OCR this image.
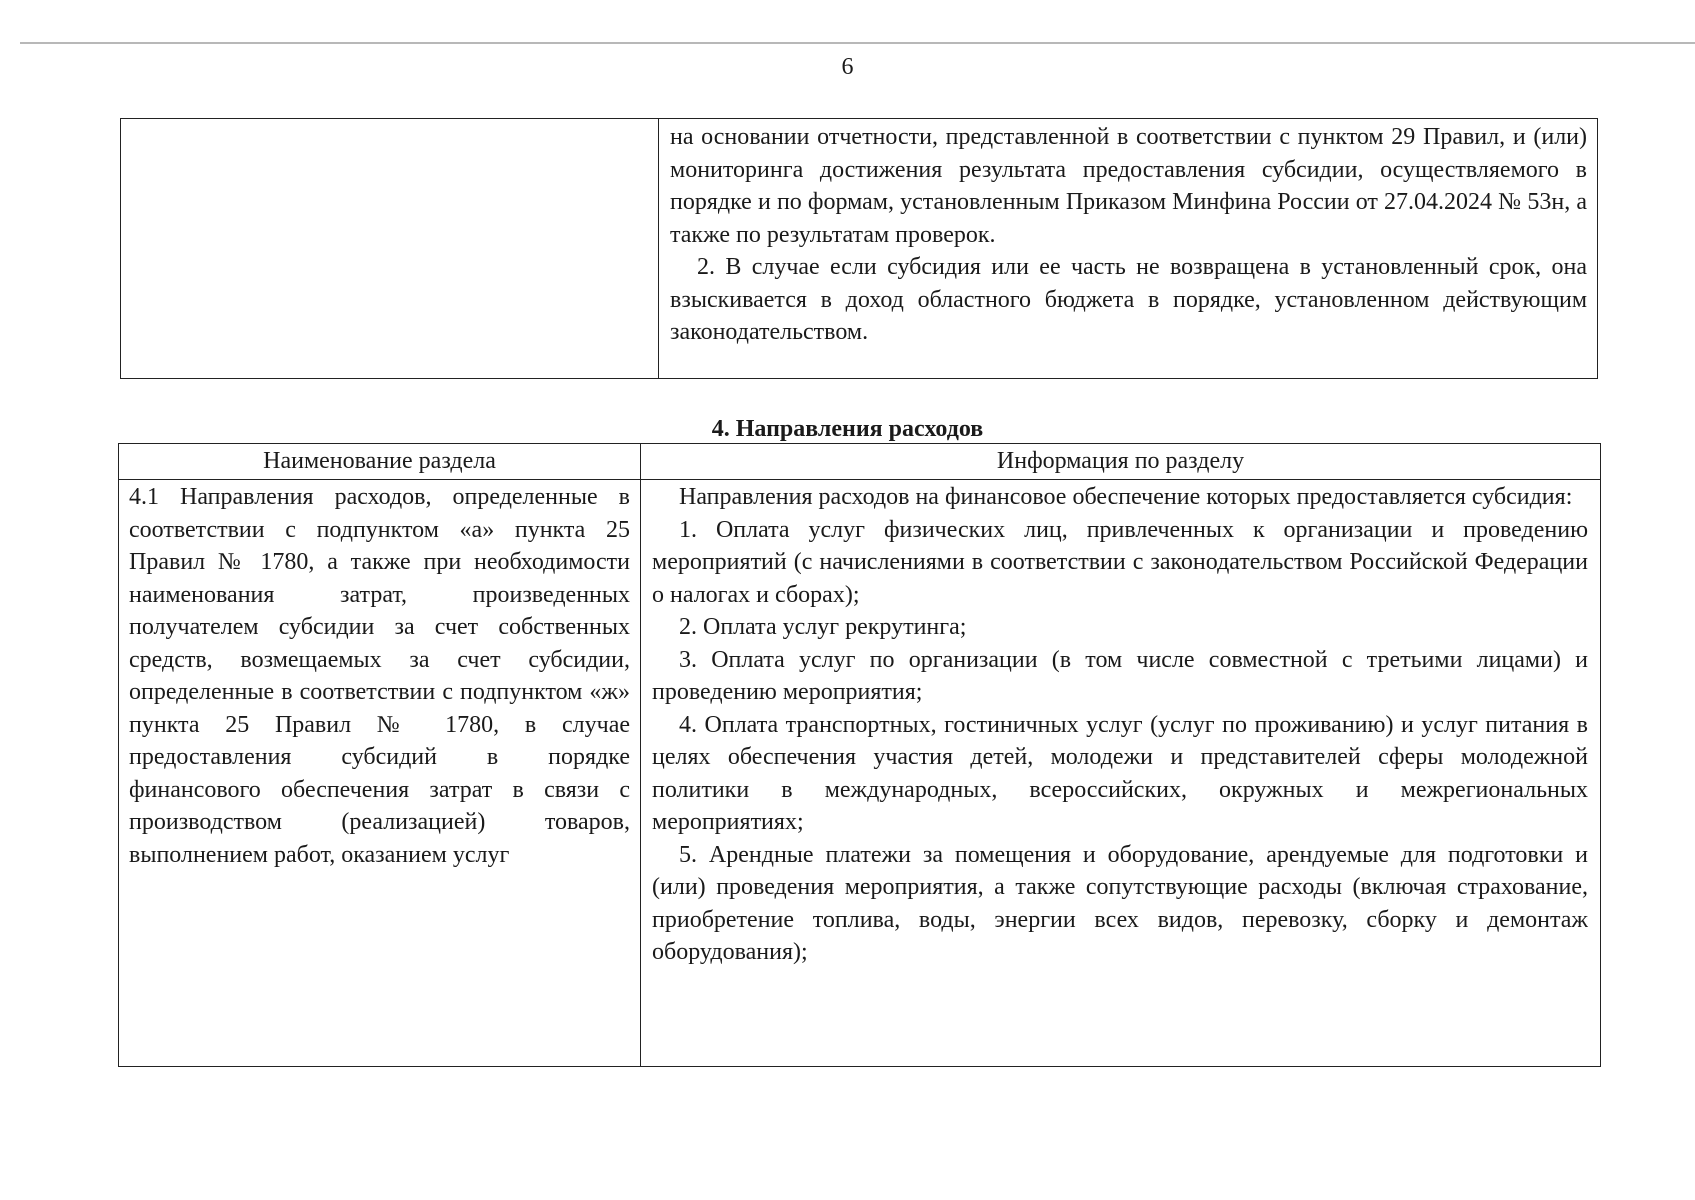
6

на основании отчетности, представленной в соответствии с пунктом 29 Правил, и (или) мониторинга достижения результата предоставления субсидии, осуществляемого в порядке и по формам, установленным Приказом Минфина России от 27.04.2024 № 53н, а также по результатам проверок.

2. В случае если субсидия или ее часть не возвращена в установленный срок, она взыскивается в доход областного бюджета в порядке, установленном действующим законодательством.

4. Направления расходов
Наименование раздела	Информация по разделу

4.1 Направления расходов, определенные в соответствии с подпунктом «а» пункта 25 Правил № 1780, а также при необходимости наименования затрат, произведенных получателем субсидии за счет собственных средств, возмещаемых за счет субсидии, определенные в соответствии с подпунктом «ж» пункта 25 Правил № 1780, в случае предоставления субсидий в порядке финансового обеспечения затрат в связи с производством (реализацией) товаров, выполнением работ, оказанием услуг

Направления расходов на финансовое обеспечение которых предоставляется субсидия:

1. Оплата услуг физических лиц, привлеченных к организации и проведению мероприятий (с начислениями в соответствии с законодательством Российской Федерации о налогах и сборах);

2. Оплата услуг рекрутинга;

3. Оплата услуг по организации (в том числе совместной с третьими лицами) и проведению мероприятия;

4. Оплата транспортных, гостиничных услуг (услуг по проживанию) и услуг питания в целях обеспечения участия детей, молодежи и представителей сферы молодежной политики в международных, всероссийских, окружных и межрегиональных мероприятиях;

5. Арендные платежи за помещения и оборудование, арендуемые для подготовки и (или) проведения мероприятия, а также сопутствующие расходы (включая страхование, приобретение топлива, воды, энергии всех видов, перевозку, сборку и демонтаж оборудования);
